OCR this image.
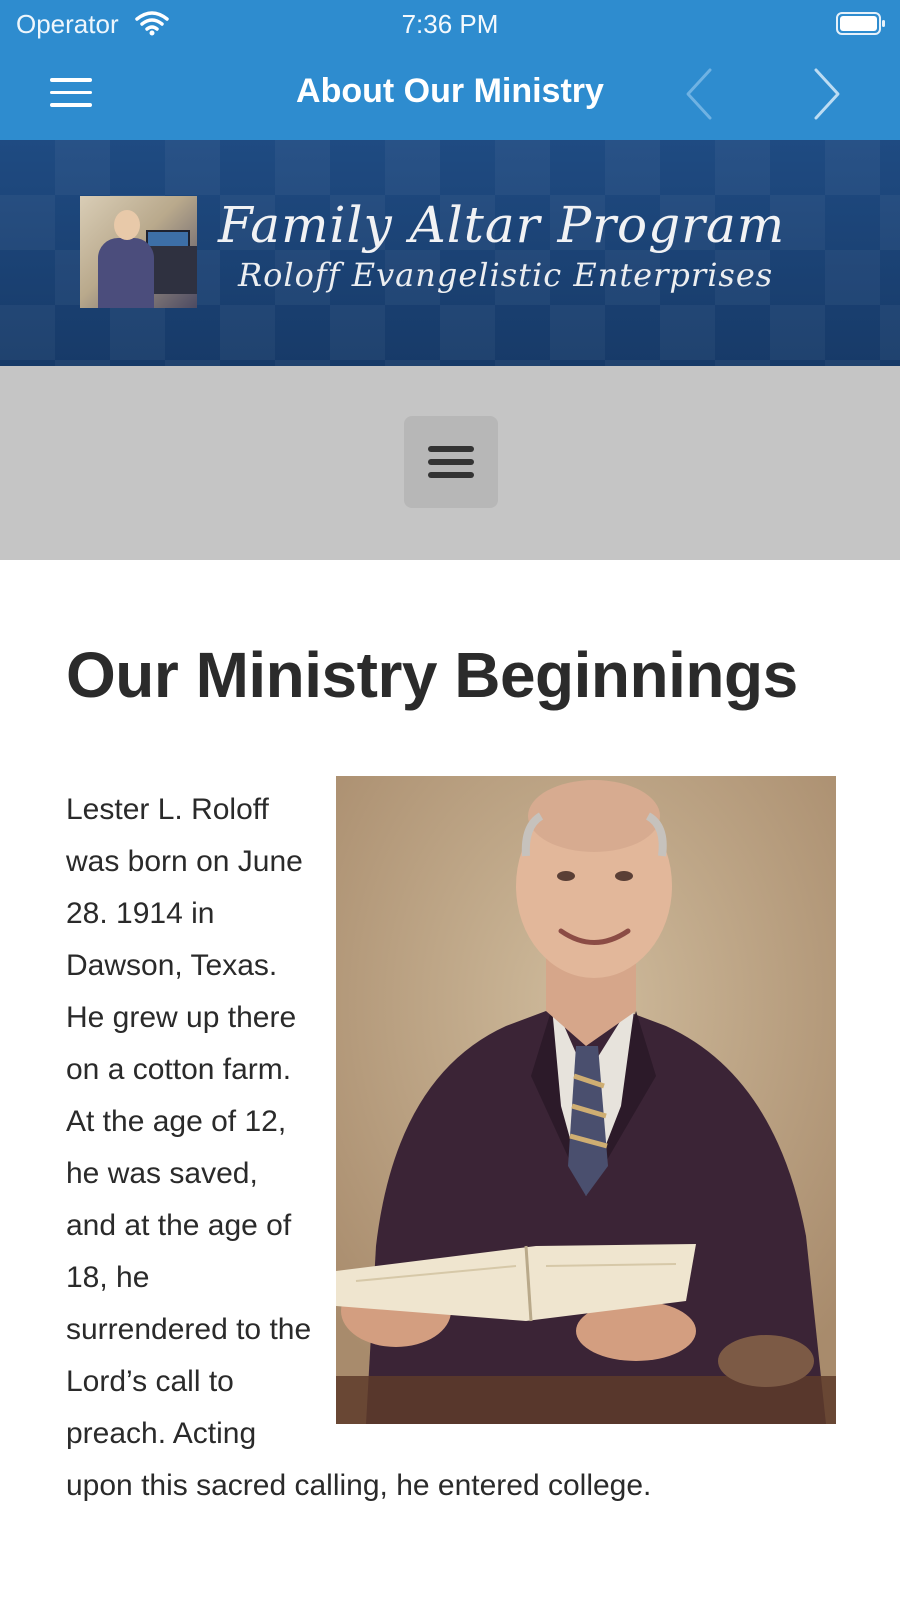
Operator	7:36 PM
About Our Ministry
Family Altar Program
Roloff Evangelistic Enterprises
Our Ministry Beginnings
Lester L. Roloff was born on June 28. 1914 in Dawson, Texas. He grew up there on a cotton farm. At the age of 12, he was saved, and at the age of 18, he surrendered to the Lord’s call to preach. Acting upon this sacred calling, he entered college.
